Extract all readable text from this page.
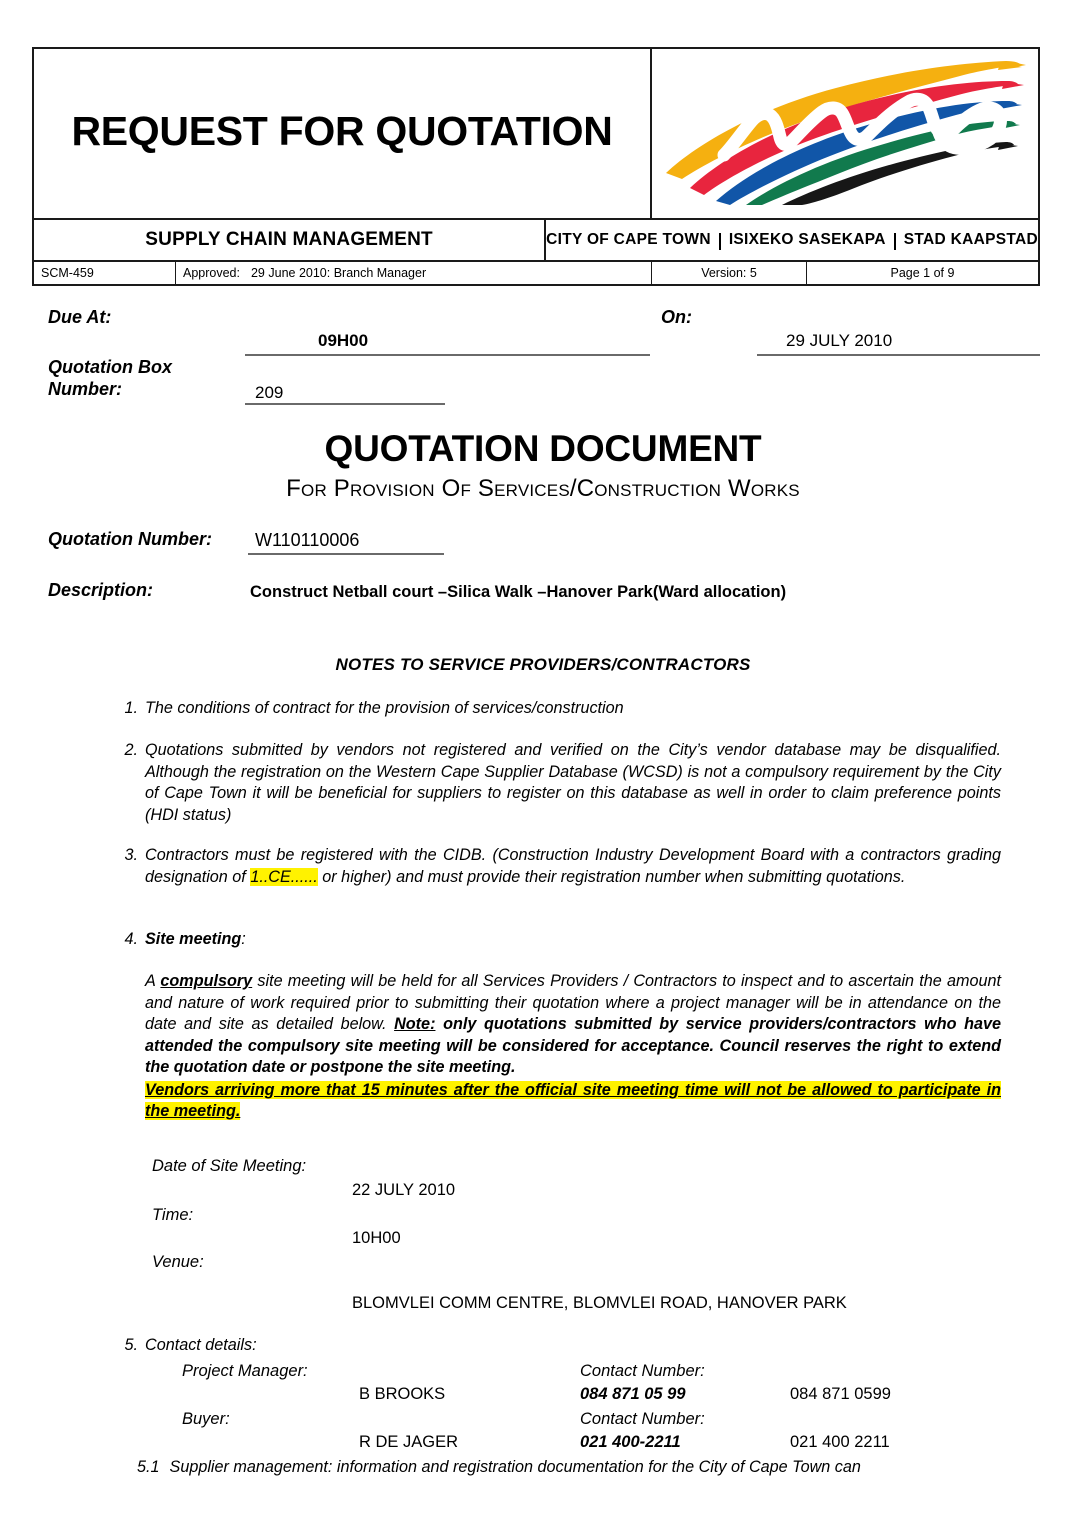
REQUEST FOR QUOTATION
SUPPLY CHAIN MANAGEMENT	CITY OF CAPE TOWN ISIXEKO SASEKAPA STAD KAAPSTAD
SCM-459	Approved: 29 June 2010: Branch Manager	Version: 5	Page 1 of 9
Due At:
09H00
On:
29 JULY 2010
Quotation Box
Number:	209
QUOTATION DOCUMENT
For Provision Of Services/Construction Works
Quotation Number: W110110006
Description:	Construct Netball court –Silica Walk –Hanover Park(Ward allocation)
NOTES TO SERVICE PROVIDERS/CONTRACTORS
1. The conditions of contract for the provision of services/construction
2. Quotations submitted by vendors not registered and verified on the City’s vendor database may be disqualified. Although the registration on the Western Cape Supplier Database (WCSD) is not a compulsory requirement by the City of Cape Town it will be beneficial for suppliers to register on this database as well in order to claim preference points (HDI status)
3. Contractors must be registered with the CIDB. (Construction Industry Development Board with a contractors grading designation of 1..CE...... or higher) and must provide their registration number when submitting quotations.
4. Site meeting:
A compulsory site meeting will be held for all Services Providers / Contractors to inspect and to ascertain the amount and nature of work required prior to submitting their quotation where a project manager will be in attendance on the date and site as detailed below. Note: only quotations submitted by service providers/contractors who have attended the compulsory site meeting will be considered for acceptance. Council reserves the right to extend the quotation date or postpone the site meeting.
Vendors arriving more that 15 minutes after the official site meeting time will not be allowed to participate in the meeting.
Date of Site Meeting:
22 JULY 2010
Time:
10H00
Venue:
BLOMVLEI COMM CENTRE, BLOMVLEI ROAD, HANOVER PARK
5. Contact details:
Project Manager:	Contact Number:
B BROOKS	084 871 05 99	084 871 0599
Buyer:	Contact Number:
R DE JAGER	021 400-2211	021 400 2211
5.1 Supplier management: information and registration documentation for the City of Cape Town can
